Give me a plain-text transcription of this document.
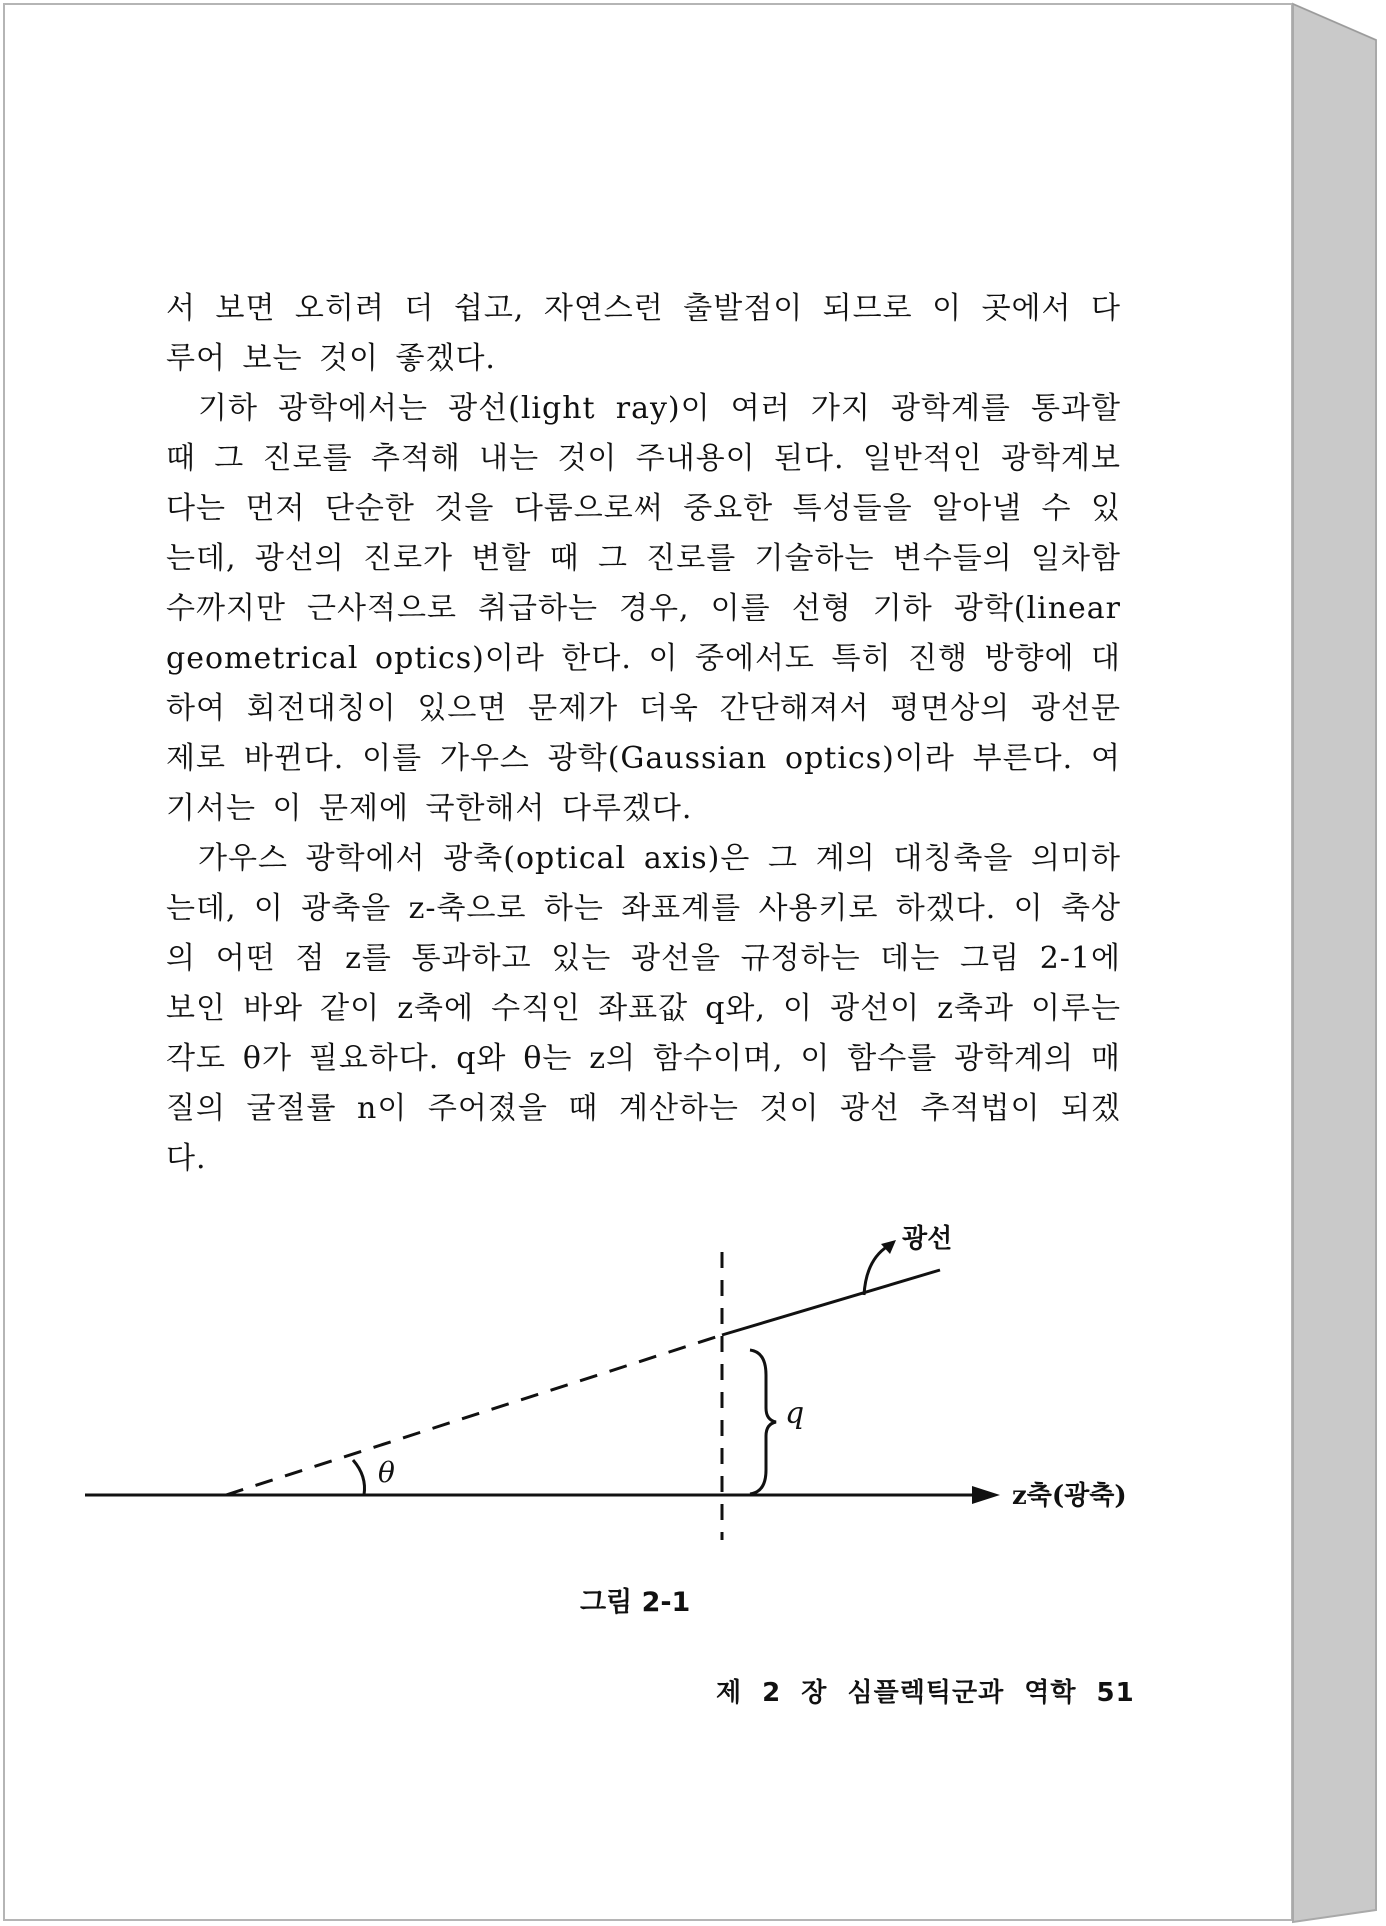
서 보면 오히려 더 쉽고, 자연스런 출발점이 되므로 이 곳에서 다루어 보는 것이 좋겠다.

기하 광학에서는 광선(light ray)이 여러 가지 광학계를 통과할 때 그 진로를 추적해 내는 것이 주내용이 된다. 일반적인 광학계보다는 먼저 단순한 것을 다룸으로써 중요한 특성들을 알아낼 수 있는데, 광선의 진로가 변할 때 그 진로를 기술하는 변수들의 일차함수까지만 근사적으로 취급하는 경우, 이를 선형 기하 광학(linear geometrical optics)이라 한다. 이 중에서도 특히 진행 방향에 대하여 회전대칭이 있으면 문제가 더욱 간단해져서 평면상의 광선문제로 바뀐다. 이를 가우스 광학(Gaussian optics)이라 부른다. 여기서는 이 문제에 국한해서 다루겠다.

가우스 광학에서 광축(optical axis)은 그 계의 대칭축을 의미하는데, 이 광축을 z-축으로 하는 좌표계를 사용키로 하겠다. 이 축상의 어떤 점 z를 통과하고 있는 광선을 규정하는 데는 그림 2-1에 보인 바와 같이 z축에 수직인 좌표값 q와, 이 광선이 z축과 이루는 각도 θ가 필요하다. q와 θ는 z의 함수이며, 이 함수를 광학계의 매질의 굴절률 n이 주어졌을 때 계산하는 것이 광선 추적법이 되겠다.

광선
q
θ
z축(광축)
그림 2-1
제 2 장 심플렉틱군과 역학 51
